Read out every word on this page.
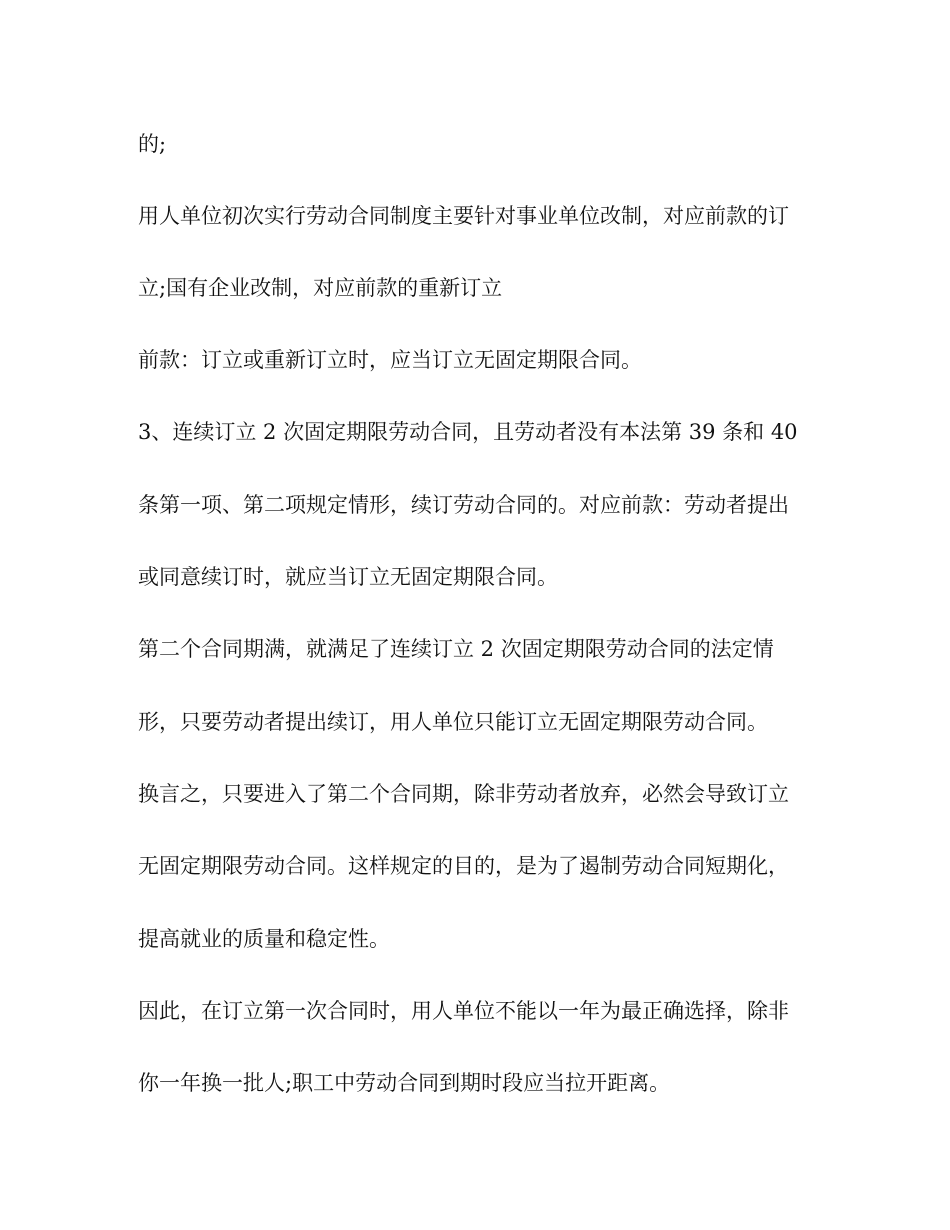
的;
用人单位初次实行劳动合同制度主要针对事业单位改制，对应前款的订
立;国有企业改制，对应前款的重新订立
前款：订立或重新订立时，应当订立无固定期限合同。
3、连续订立 2 次固定期限劳动合同，且劳动者没有本法第 39 条和 40
条第一项、第二项规定情形，续订劳动合同的。对应前款：劳动者提出
或同意续订时，就应当订立无固定期限合同。
第二个合同期满，就满足了连续订立 2 次固定期限劳动合同的法定情
形，只要劳动者提出续订，用人单位只能订立无固定期限劳动合同。
换言之，只要进入了第二个合同期，除非劳动者放弃，必然会导致订立
无固定期限劳动合同。这样规定的目的，是为了遏制劳动合同短期化，
提高就业的质量和稳定性。
因此，在订立第一次合同时，用人单位不能以一年为最正确选择，除非
你一年换一批人;职工中劳动合同到期时段应当拉开距离。
